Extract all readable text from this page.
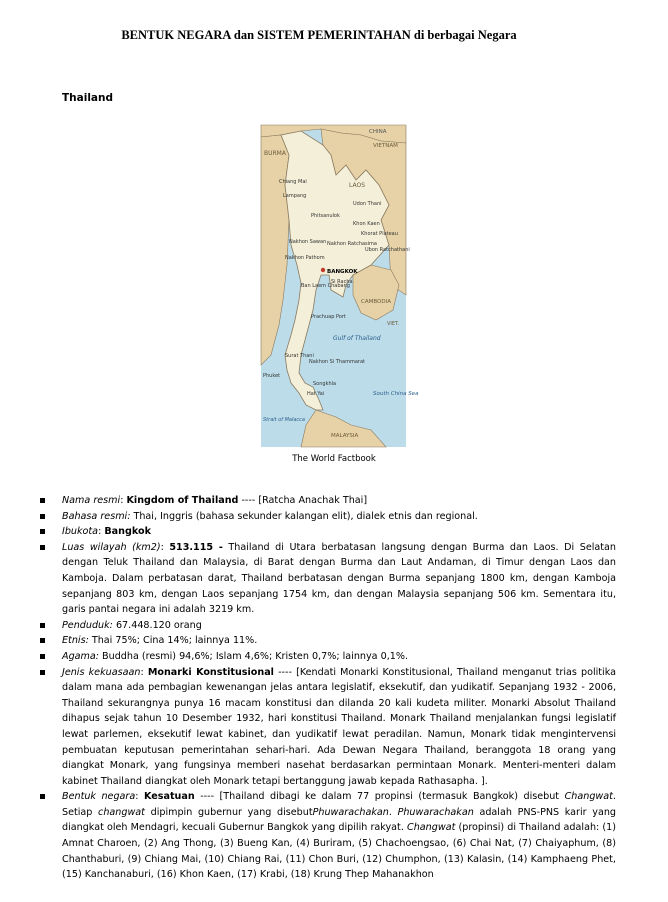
BENTUK NEGARA dan SISTEM PEMERINTAHAN di berbagai Negara
Thailand
CHINA
BURMA
VIETNAM
LAOS
Chiang Mai
Lampang
Udon Thani
Phitsanulok
Khon Kaen
Khorat Plateau
Nakhon Sawan Nakhon Ratchasima
Ubon Ratchathani
Nakhon Pathom
BANGKOK
Si Racha
Ban Laem Chabang
CAMBODIA
Prachuap Port
Gulf of Thailand
VIET.
Surat Thani
Nakhon Si Thammarat
Phuket
Songkhla
Hat Yai	South China Sea
Strait of Malacca
MALAYSIA
The World Factbook
Nama resmi: Kingdom of Thailand ---- [Ratcha Anachak Thai]
Bahasa resmi: Thai, Inggris (bahasa sekunder kalangan elit), dialek etnis dan regional.
Ibukota: Bangkok
Luas wilayah (km2): 513.115 - Thailand di Utara berbatasan langsung dengan Burma dan Laos. Di Selatan dengan Teluk Thailand dan Malaysia, di Barat dengan Burma dan Laut Andaman, di Timur dengan Laos dan Kamboja. Dalam perbatasan darat, Thailand berbatasan dengan Burma sepanjang 1800 km, dengan Kamboja sepanjang 803 km, dengan Laos sepanjang 1754 km, dan dengan Malaysia sepanjang 506 km. Sementara itu, garis pantai negara ini adalah 3219 km.
Penduduk: 67.448.120 orang
Etnis: Thai 75%; Cina 14%; lainnya 11%.
Agama: Buddha (resmi) 94,6%; Islam 4,6%; Kristen 0,7%; lainnya 0,1%.
Jenis kekuasaan: Monarki Konstitusional ---- [Kendati Monarki Konstitusional, Thailand menganut trias politika dalam mana ada pembagian kewenangan jelas antara legislatif, eksekutif, dan yudikatif. Sepanjang 1932 - 2006, Thailand sekurangnya punya 16 macam konstitusi dan dilanda 20 kali kudeta militer. Monarki Absolut Thailand dihapus sejak tahun 10 Desember 1932, hari konstitusi Thailand. Monark Thailand menjalankan fungsi legislatif lewat parlemen, eksekutif lewat kabinet, dan yudikatif lewat peradilan. Namun, Monark tidak mengintervensi pembuatan keputusan pemerintahan sehari-hari. Ada Dewan Negara Thailand, beranggota 18 orang yang diangkat Monark, yang fungsinya memberi nasehat berdasarkan permintaan Monark. Menteri-menteri dalam kabinet Thailand diangkat oleh Monark tetapi bertanggung jawab kepada Rathasapha. ].
Bentuk negara: Kesatuan ---- [Thailand dibagi ke dalam 77 propinsi (termasuk Bangkok) disebut Changwat. Setiap changwat dipimpin gubernur yang disebutPhuwarachakan. Phuwarachakan adalah PNS-PNS karir yang diangkat oleh Mendagri, kecuali Gubernur Bangkok yang dipilih rakyat. Changwat (propinsi) di Thailand adalah: (1) Amnat Charoen, (2) Ang Thong, (3) Bueng Kan, (4) Buriram, (5) Chachoengsao, (6) Chai Nat, (7) Chaiyaphum, (8) Chanthaburi, (9) Chiang Mai, (10) Chiang Rai, (11) Chon Buri, (12) Chumphon, (13) Kalasin, (14) Kamphaeng Phet, (15) Kanchanaburi, (16) Khon Kaen, (17) Krabi, (18) Krung Thep Mahanakhon
